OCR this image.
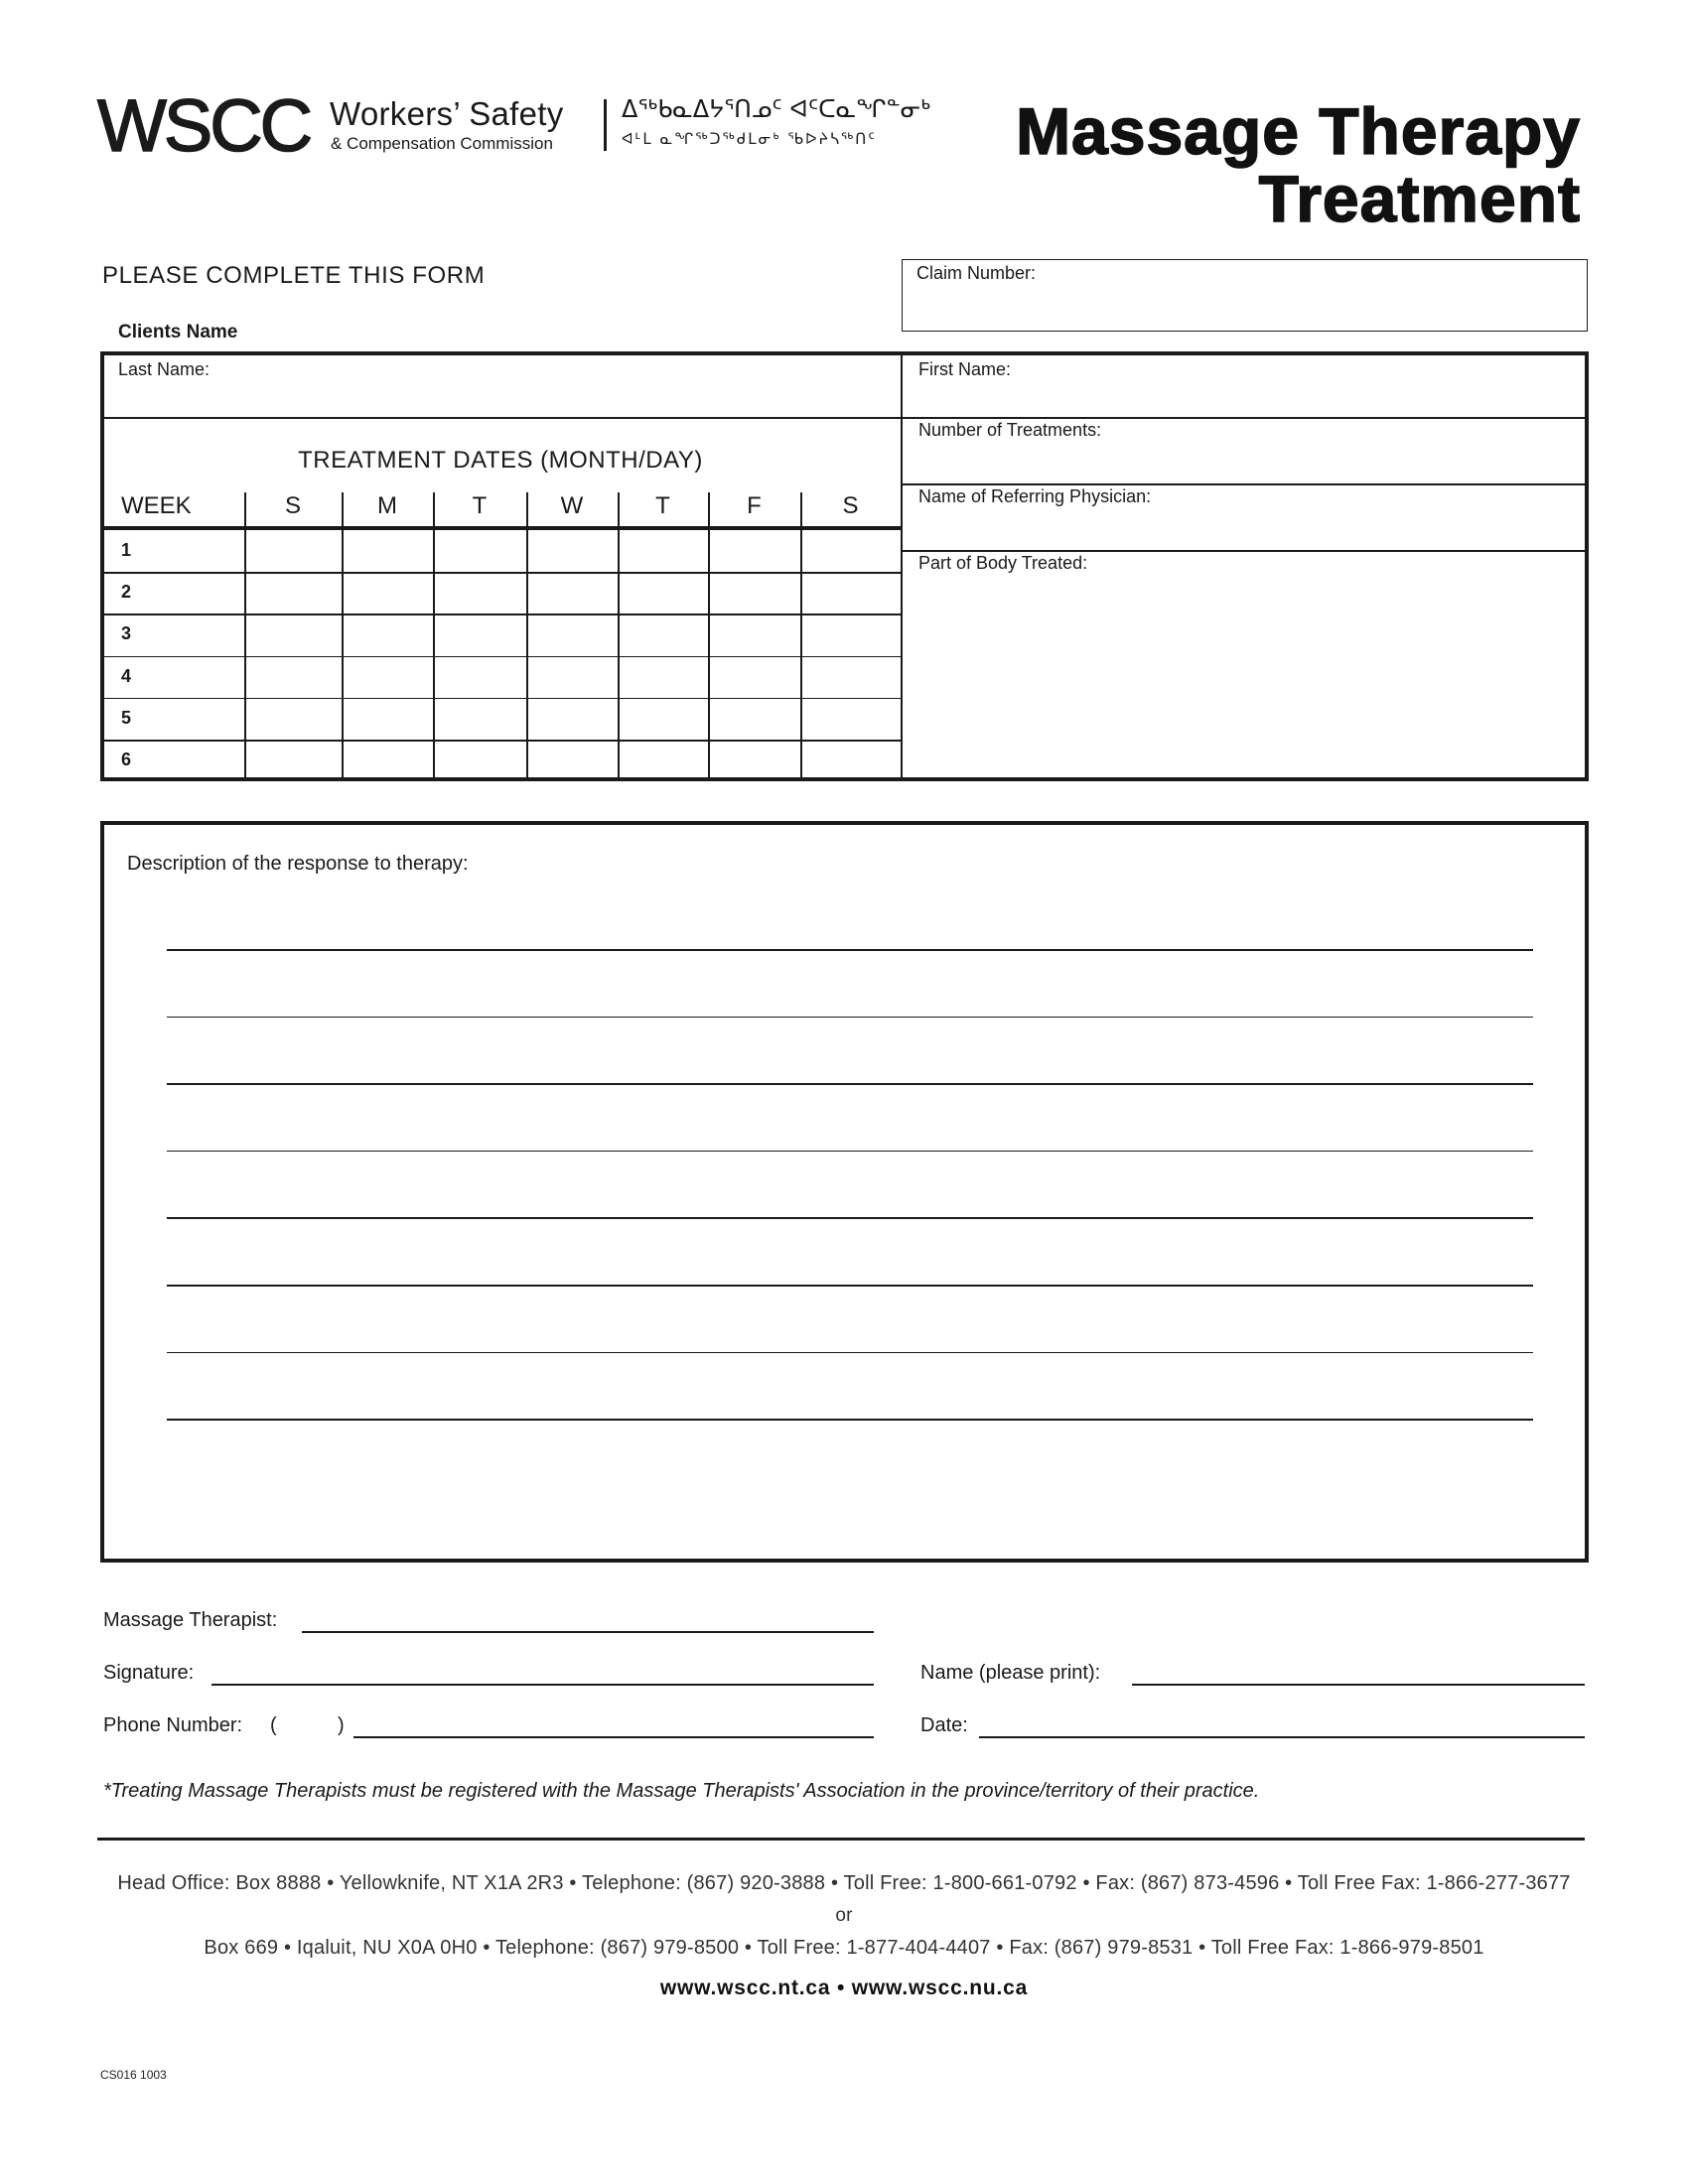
WSCC Workers’ Safety
& Compensation Commission
ᐃᖅᑲᓇᐃᔭᕐᑎᓄᑦ ᐊᑦᑕᓇᖏᓐᓂᒃ
ᐊᒻᒪ ᓇᖏᖅᑐᖅᑯᒪᓂᒃ ᖃᐅᔨᓴᖅᑎᑦ Massage Therapy
Treatment
PLEASE COMPLETE THIS FORM
Clients Name
Claim Number:
Last Name:	First Name:
Number of Treatments:
Name of Referring Physician:
Part of Body Treated:
TREATMENT DATES (MONTH/DAY)
WEEK	S	M	T	W	T	F	S
1
2
3
4
5
6
Description of the response to therapy:
Massage Therapist:
Signature:
Phone Number: (	)
Name (please print):
Date:
*Treating Massage Therapists must be registered with the Massage Therapists' Association in the province/territory of their practice.
Head Office: Box 8888 • Yellowknife, NT X1A 2R3 • Telephone: (867) 920-3888 • Toll Free: 1-800-661-0792 • Fax: (867) 873-4596 • Toll Free Fax: 1-866-277-3677
or
Box 669 • Iqaluit, NU X0A 0H0 • Telephone: (867) 979-8500 • Toll Free: 1-877-404-4407 • Fax: (867) 979-8531 • Toll Free Fax: 1-866-979-8501
www.wscc.nt.ca • www.wscc.nu.ca
CS016 1003
